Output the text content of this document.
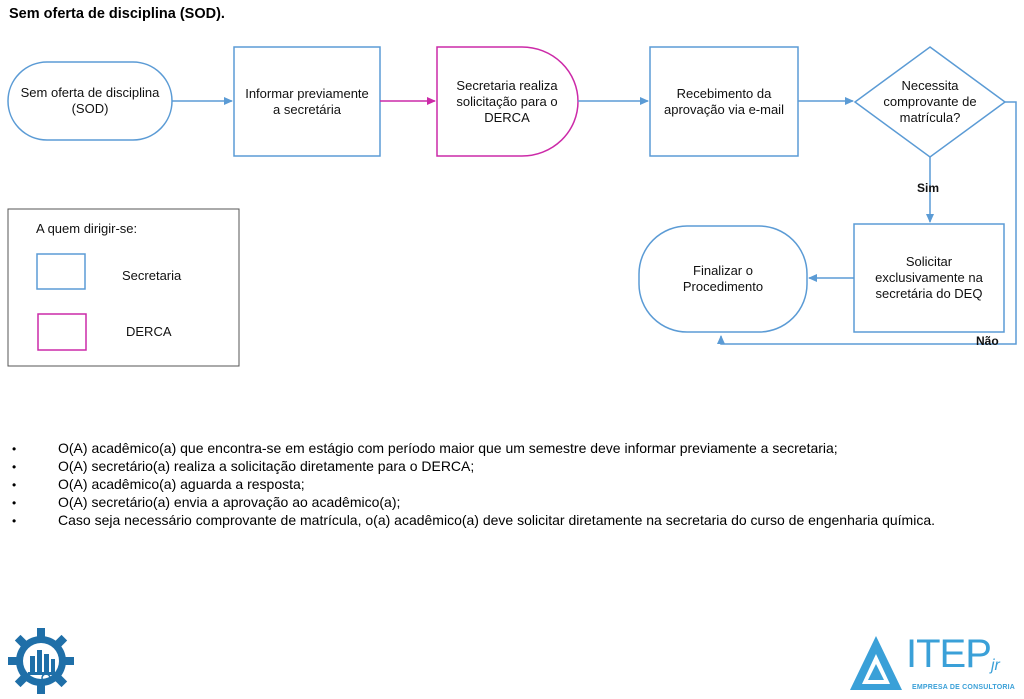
Sem oferta de disciplina (SOD).
Sem oferta de disciplina (SOD)
Informar previamente a secretária
Secretaria realiza solicitação para o DERCA
Recebimento da aprovação via e-mail
Necessita comprovante de matrícula?
Solicitar exclusivamente na secretária do DEQ
Finalizar o Procedimento
Sim
Não
A quem dirigir-se:
Secretaria
DERCA

•O(A) acadêmico(a) que encontra-se em estágio com período maior que um semestre deve informar previamente a secretaria;

•O(A) secretário(a) realiza a solicitação diretamente para o DERCA;

•O(A) acadêmico(a) aguarda a resposta;

•O(A) secretário(a) envia a aprovação ao acadêmico(a);

•Caso seja necessário comprovante de matrícula, o(a) acadêmico(a) deve solicitar diretamente na secretaria do curso de engenharia química.

ITEP jr
EMPRESA DE CONSULTORIA
